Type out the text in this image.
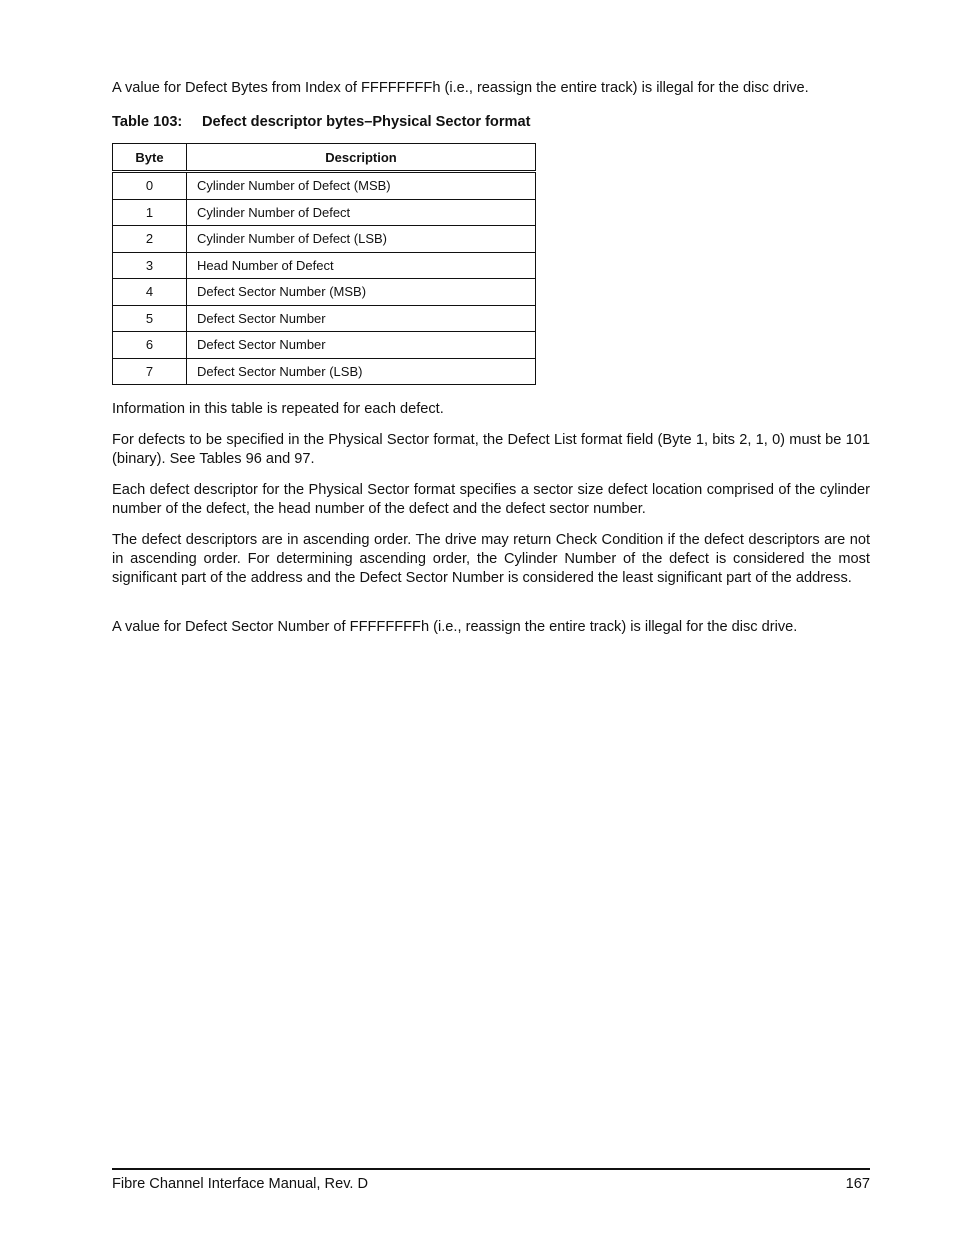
A value for Defect Bytes from Index of FFFFFFFFh (i.e., reassign the entire track) is illegal for the disc drive.

Table 103: Defect descriptor bytes–Physical Sector format
Byte	Description
0	Cylinder Number of Defect (MSB)
1	Cylinder Number of Defect
2	Cylinder Number of Defect (LSB)
3	Head Number of Defect
4	Defect Sector Number (MSB)
5	Defect Sector Number
6	Defect Sector Number
7	Defect Sector Number (LSB)

Information in this table is repeated for each defect.

For defects to be specified in the Physical Sector format, the Defect List format field (Byte 1, bits 2, 1, 0) must be 101 (binary). See Tables 96 and 97.

Each defect descriptor for the Physical Sector format specifies a sector size defect location comprised of the cylinder number of the defect, the head number of the defect and the defect sector number.

The defect descriptors are in ascending order. The drive may return Check Condition if the defect descriptors are not in ascending order. For determining ascending order, the Cylinder Number of the defect is considered the most significant part of the address and the Defect Sector Number is considered the least significant part of the address.

A value for Defect Sector Number of FFFFFFFFh (i.e., reassign the entire track) is illegal for the disc drive.

Fibre Channel Interface Manual, Rev. D	167
